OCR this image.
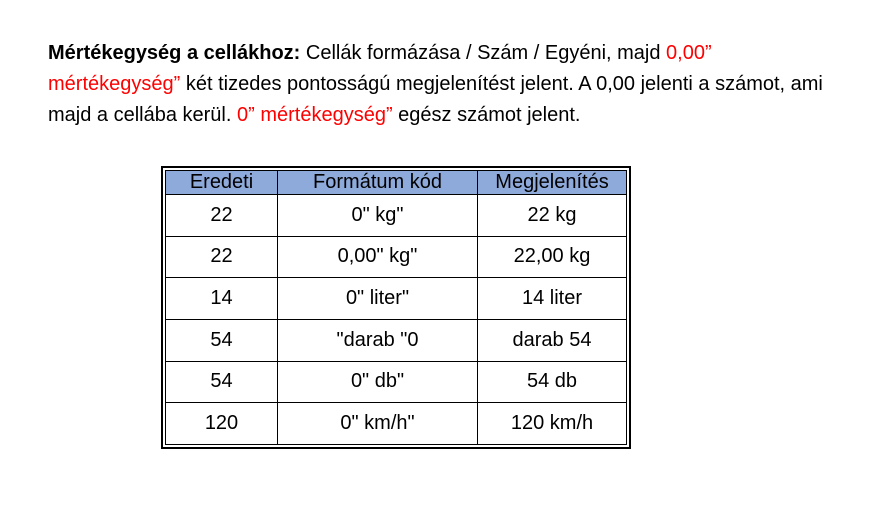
Mértékegység a cellákhoz: Cellák formázása / Szám / Egyéni, majd 0,00” mértékegység” két tizedes pontosságú megjelenítést jelent. A 0,00 jelenti a számot, ami majd a cellába kerül. 0” mértékegység” egész számot jelent.

Eredeti	Formátum kód	Megjelenítés
22	0" kg"	22 kg
22	0,00" kg"	22,00 kg
14	0" liter"	14 liter
54	"darab "0	darab 54
54	0" db"	54 db
120	0" km/h"	120 km/h
